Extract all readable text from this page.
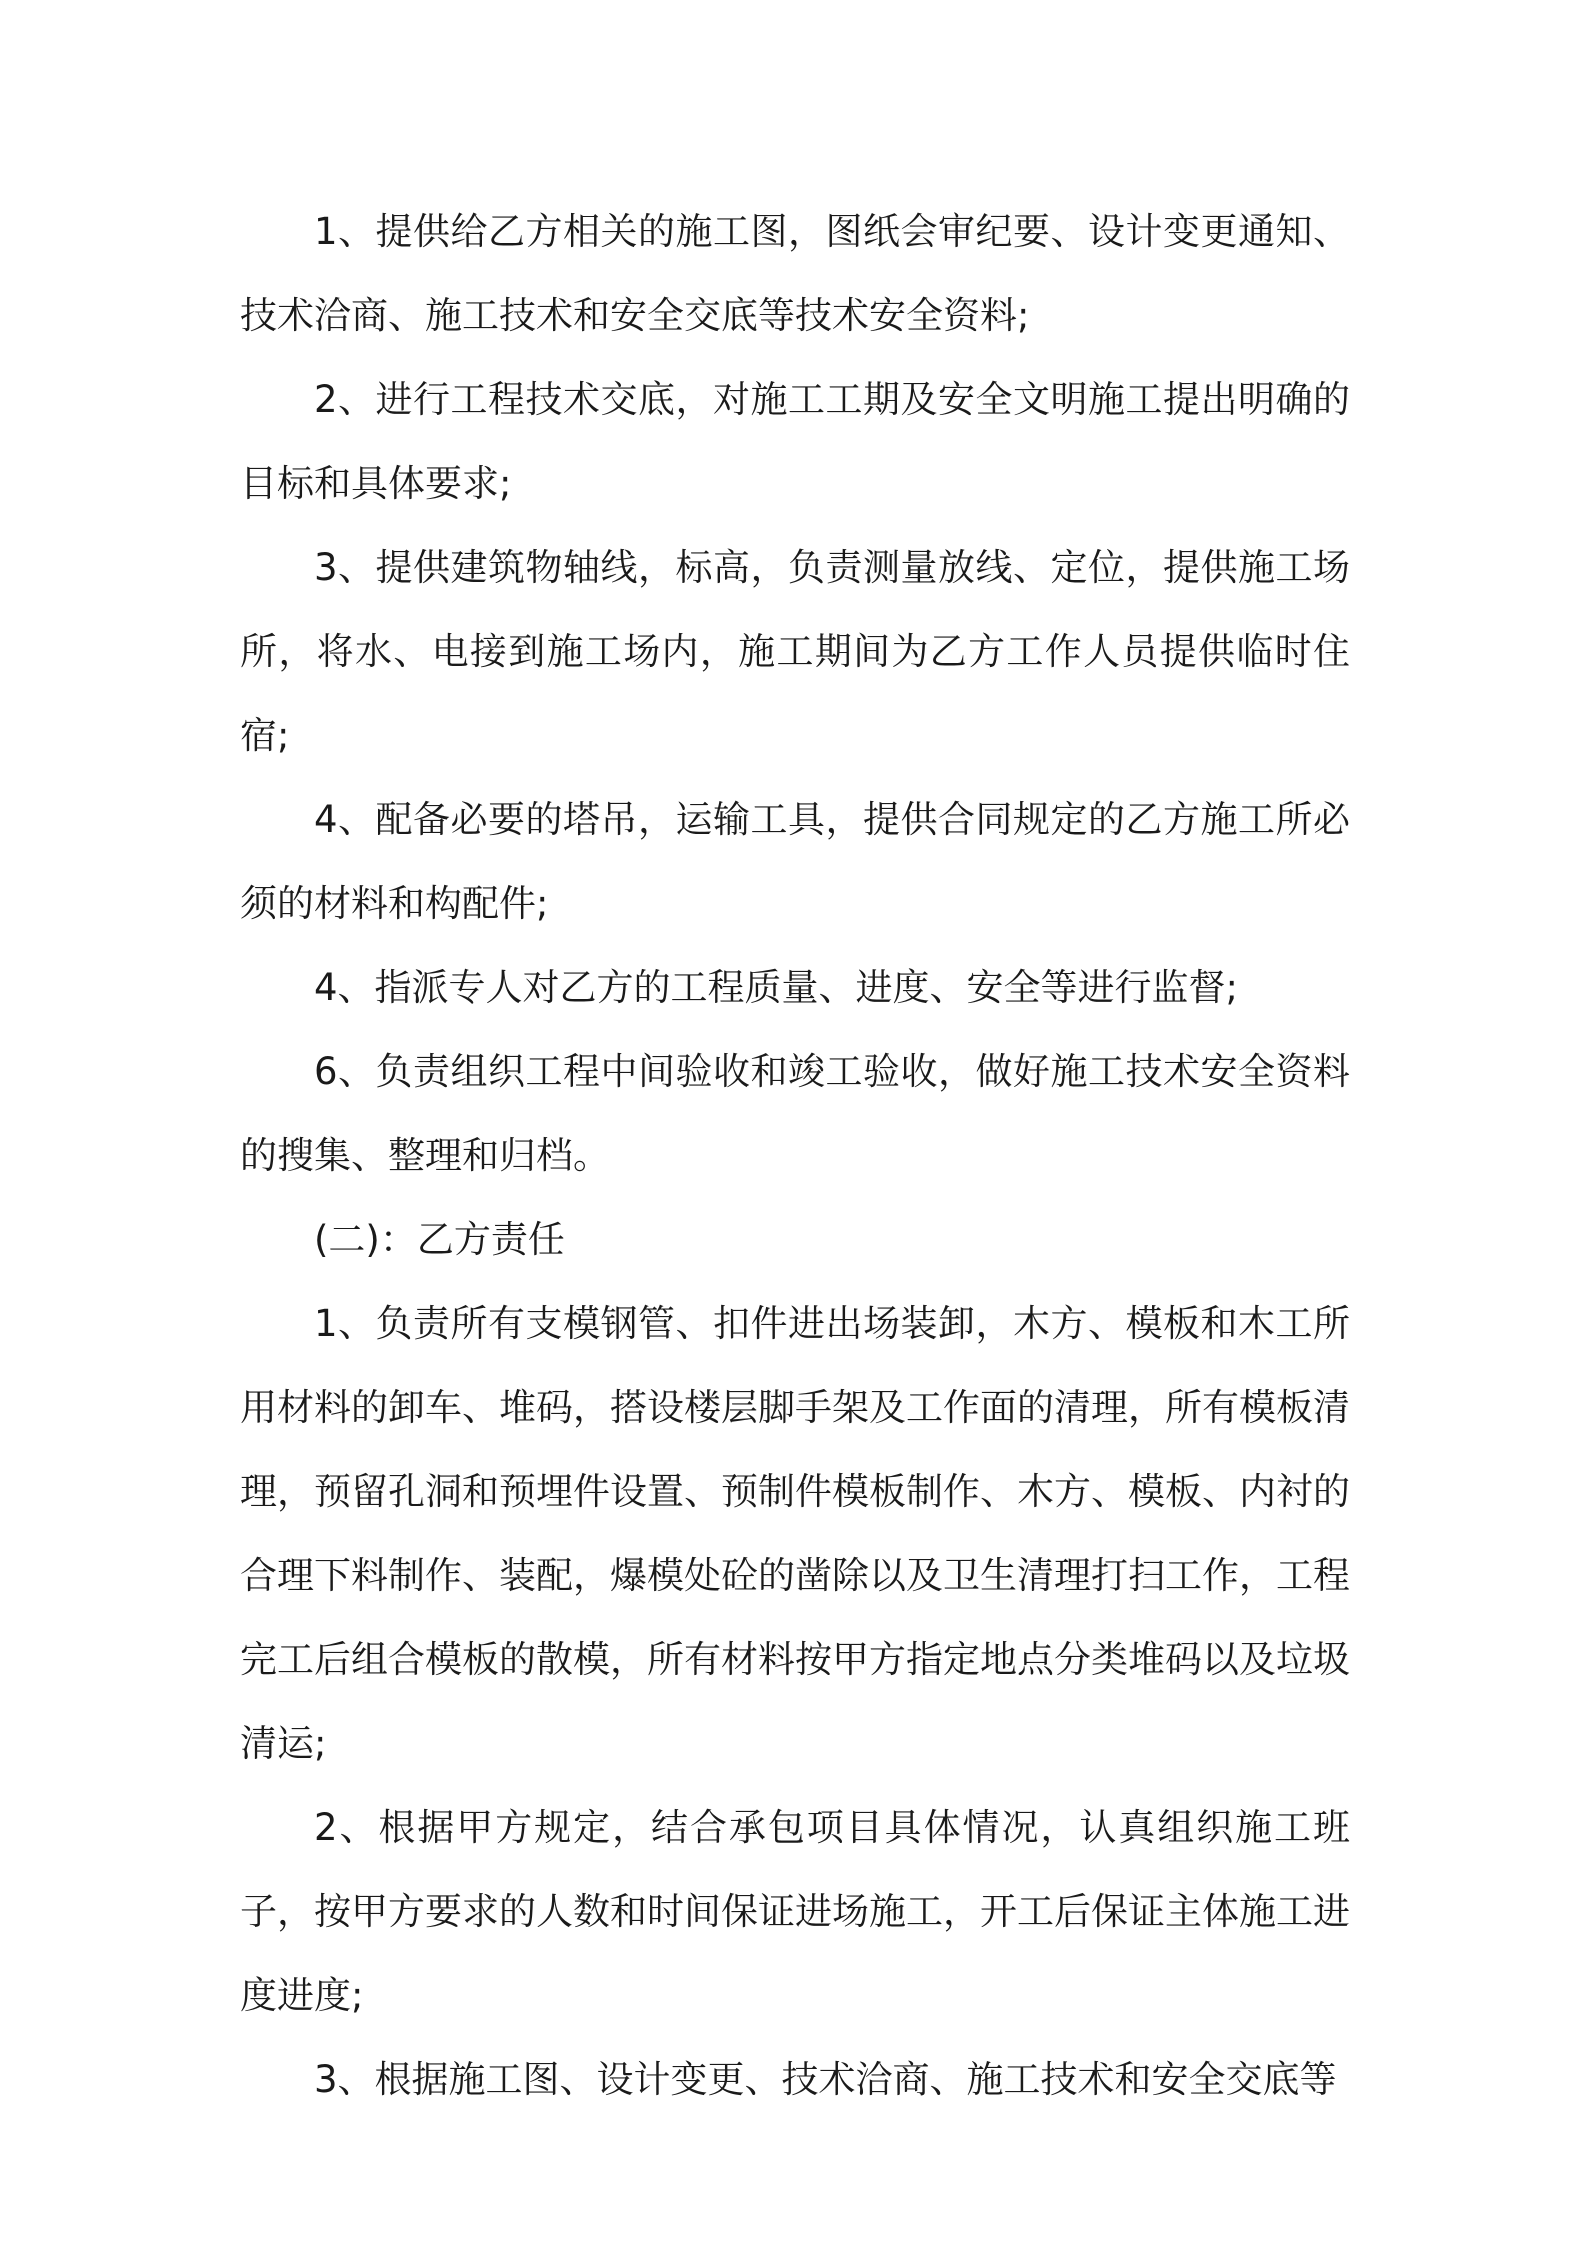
1、提供给乙方相关的施工图，图纸会审纪要、设计变更通知、技术洽商、施工技术和安全交底等技术安全资料;

2、进行工程技术交底，对施工工期及安全文明施工提出明确的目标和具体要求;

3、提供建筑物轴线，标高，负责测量放线、定位，提供施工场所，将水、电接到施工场内，施工期间为乙方工作人员提供临时住宿;

4、配备必要的塔吊，运输工具，提供合同规定的乙方施工所必须的材料和构配件;

4、指派专人对乙方的工程质量、进度、安全等进行监督;

6、负责组织工程中间验收和竣工验收，做好施工技术安全资料的搜集、整理和归档。

(二)：乙方责任

1、负责所有支模钢管、扣件进出场装卸，木方、模板和木工所用材料的卸车、堆码，搭设楼层脚手架及工作面的清理，所有模板清理，预留孔洞和预埋件设置、预制件模板制作、木方、模板、内衬的合理下料制作、装配，爆模处砼的凿除以及卫生清理打扫工作，工程完工后组合模板的散模，所有材料按甲方指定地点分类堆码以及垃圾清运;

2、根据甲方规定，结合承包项目具体情况，认真组织施工班子，按甲方要求的人数和时间保证进场施工，开工后保证主体施工进度进度;

3、根据施工图、设计变更、技术洽商、施工技术和安全交底等
